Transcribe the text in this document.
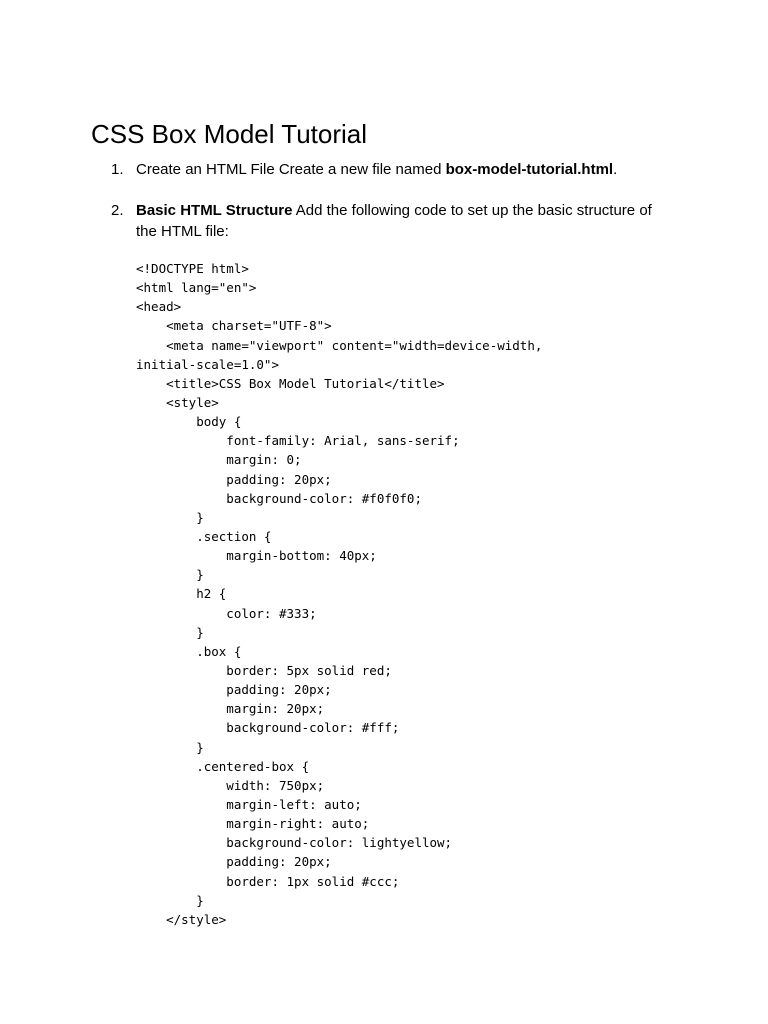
CSS Box Model Tutorial
1. Create an HTML File Create a new file named box-model-tutorial.html.
2. Basic HTML Structure Add the following code to set up the basic structure of the HTML file:
<!DOCTYPE html>
<html lang="en">
<head>
<meta charset="UTF-8">
<meta name="viewport" content="width=device-width,
initial-scale=1.0">
<title>CSS Box Model Tutorial</title>
<style>
body {
font-family: Arial, sans-serif;
margin: 0;
padding: 20px;
background-color: #f0f0f0;
}
.section {
margin-bottom: 40px;
}
h2 {
color: #333;
}
.box {
border: 5px solid red;
padding: 20px;
margin: 20px;
background-color: #fff;
}
.centered-box {
width: 750px;
margin-left: auto;
margin-right: auto;
background-color: lightyellow;
padding: 20px;
border: 1px solid #ccc;
}
</style>
